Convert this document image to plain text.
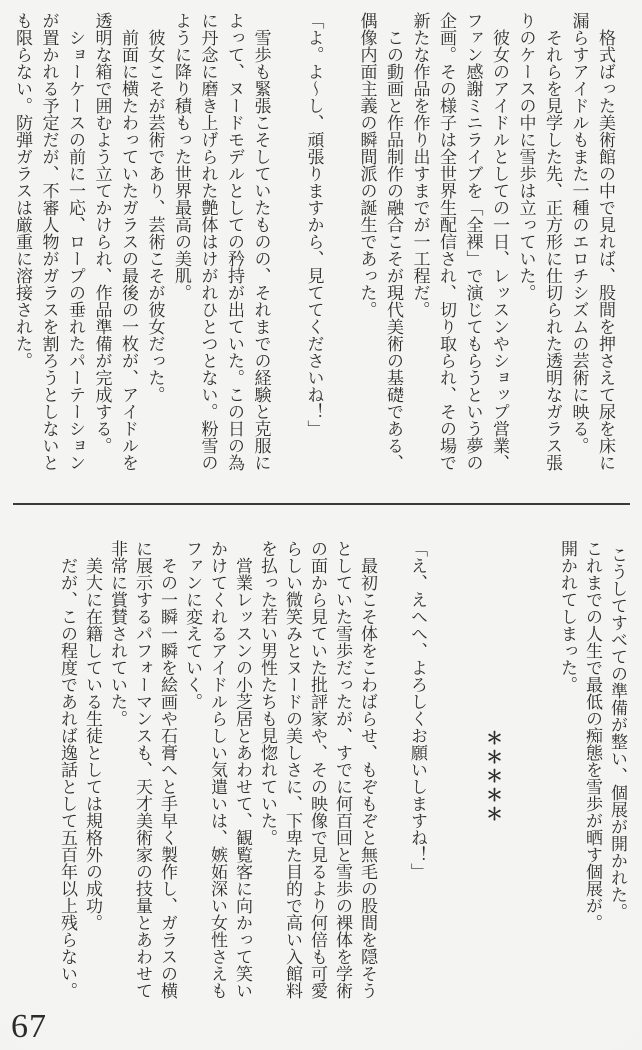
格式ばった美術館の中で見れば、股間を押さえて尿を床に

漏らすアイドルもまた一種のエロチシズムの芸術に映る。

それらを見学した先、正方形に仕切られた透明なガラス張

りのケースの中に雪歩は立っていた。

彼女のアイドルとしての一日、レッスンやショップ営業、

ファン感謝ミニライブを「全裸」で演じてもらうという夢の

企画。その様子は全世界生配信され、切り取られ、その場で

新たな作品を作り出すまでが一工程だ。

この動画と作品制作の融合こそが現代美術の基礎である、

偶像内面主義の瞬間派の誕生であった。

「よ。よ〜し、頑張りますから、見ててくださいね！」

雪歩も緊張こそしていたものの、それまでの経験と克服に

よって、ヌードモデルとしての矜持が出ていた。この日の為

に丹念に磨き上げられた艶体はけがれひとつとない。粉雪の

ように降り積もった世界最高の美肌。

彼女こそが芸術であり、芸術こそが彼女だった。

前面に横たわっていたガラスの最後の一枚が、アイドルを

透明な箱で囲むよう立てかけられ、作品準備が完成する。

ショーケースの前に一応、ロープの垂れたパーテーション

が置かれる予定だが、不審人物がガラスを割ろうとしないと

も限らない。防弾ガラスは厳重に溶接された。

こうしてすべての準備が整い、個展が開かれた。

これまでの人生で最低の痴態を雪歩が晒す個展が。

開かれてしまった。

＊＊＊＊＊

「え、えへへ、よろしくお願いしますね！」

最初こそ体をこわばらせ、もぞもぞと無毛の股間を隠そう

としていた雪歩だったが、すでに何百回と雪歩の裸体を学術

の面から見ていた批評家や、その映像で見るより何倍も可愛

らしい微笑みとヌードの美しさに、下卑た目的で高い入館料

を払った若い男性たちも見惚れていた。

営業レッスンの小芝居とあわせて、観覧客に向かって笑い

かけてくれるアイドルらしい気遣いは、嫉妬深い女性さえも

ファンに変えていく。

その一瞬一瞬を絵画や石膏へと手早く製作し、ガラスの横

に展示するパフォーマンスも、天才美術家の技量とあわせて

非常に賞賛されていた。

美大に在籍している生徒としては規格外の成功。

だが、この程度であれば逸話として五百年以上残らない。

67
